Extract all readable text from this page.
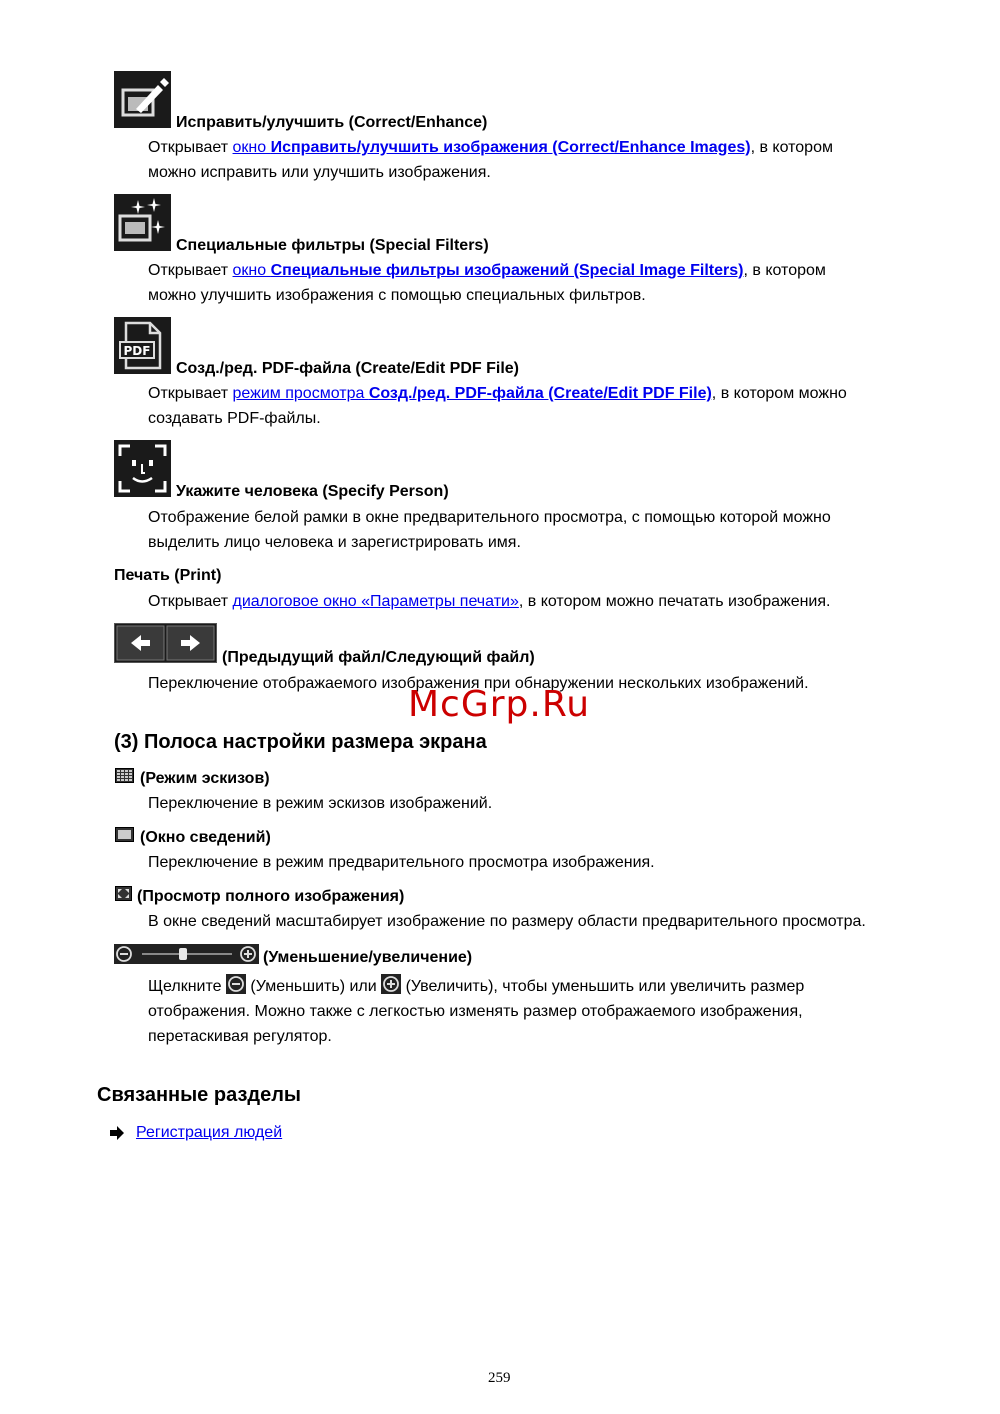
Исправить/улучшить (Correct/Enhance)
Открывает окно Исправить/улучшить изображения (Correct/Enhance Images), в котором
можно исправить или улучшить изображения.
Специальные фильтры (Special Filters)
Открывает окно Специальные фильтры изображений (Special Image Filters), в котором
можно улучшить изображения с помощью специальных фильтров.
PDF
Созд./ред. PDF-файла (Create/Edit PDF File)
Открывает режим просмотра Созд./ред. PDF-файла (Create/Edit PDF File), в котором можно
создавать PDF-файлы.
Укажите человека (Specify Person)
Отображение белой рамки в окне предварительного просмотра, с помощью которой можно
выделить лицо человека и зарегистрировать имя.
Печать (Print)
Открывает диалоговое окно «Параметры печати», в котором можно печатать изображения.
(Предыдущий файл/Следующий файл)
Переключение отображаемого изображения при обнаружении нескольких изображений.
McGrp.Ru
(3) Полоса настройки размера экрана
(Режим эскизов)
Переключение в режим эскизов изображений.
(Окно сведений)
Переключение в режим предварительного просмотра изображения.
(Просмотр полного изображения)
В окне сведений масштабирует изображение по размеру области предварительного просмотра.
(Уменьшение/увеличение)
Щелкните
(Уменьшить) или
(Увеличить), чтобы уменьшить или увеличить размер
отображения. Можно также с легкостью изменять размер отображаемого изображения,
перетаскивая регулятор.
Связанные разделы
Регистрация людей
259
